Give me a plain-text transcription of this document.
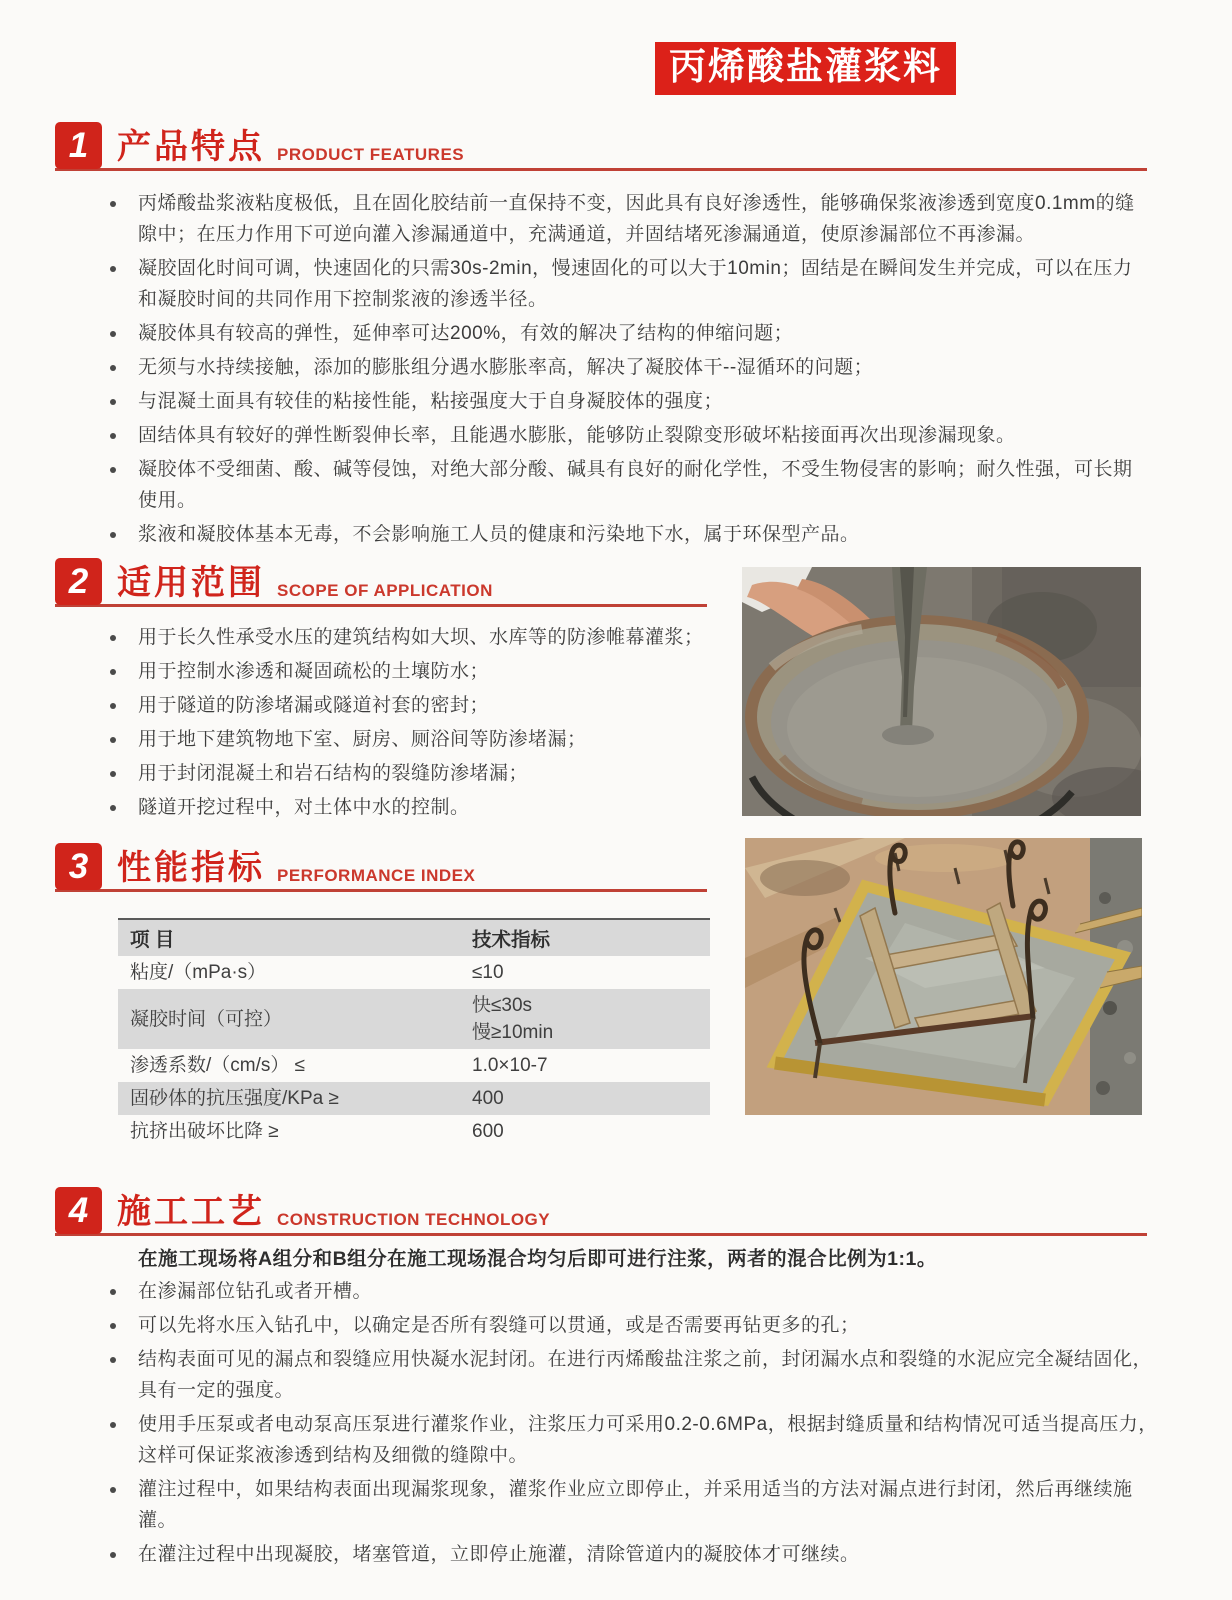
丙烯酸盐灌浆料
1 产品特点 PRODUCT FEATURES
丙烯酸盐浆液粘度极低，且在固化胶结前一直保持不变，因此具有良好渗透性，能够确保浆液渗透到宽度0.1mm的缝隙中；在压力作用下可逆向灌入渗漏通道中，充满通道，并固结堵死渗漏通道，使原渗漏部位不再渗漏。
凝胶固化时间可调，快速固化的只需30s-2min，慢速固化的可以大于10min；固结是在瞬间发生并完成，可以在压力和凝胶时间的共同作用下控制浆液的渗透半径。
凝胶体具有较高的弹性，延伸率可达200%，有效的解决了结构的伸缩问题；
无须与水持续接触，添加的膨胀组分遇水膨胀率高，解决了凝胶体干--湿循环的问题；
与混凝土面具有较佳的粘接性能，粘接强度大于自身凝胶体的强度；
固结体具有较好的弹性断裂伸长率，且能遇水膨胀，能够防止裂隙变形破坏粘接面再次出现渗漏现象。
凝胶体不受细菌、酸、碱等侵蚀，对绝大部分酸、碱具有良好的耐化学性，不受生物侵害的影响；耐久性强，可长期使用。
浆液和凝胶体基本无毒，不会影响施工人员的健康和污染地下水，属于环保型产品。
2 适用范围 SCOPE OF APPLICATION
用于长久性承受水压的建筑结构如大坝、水库等的防渗帷幕灌浆；
用于控制水渗透和凝固疏松的土壤防水；
用于隧道的防渗堵漏或隧道衬套的密封；
用于地下建筑物地下室、厨房、厕浴间等防渗堵漏；
用于封闭混凝土和岩石结构的裂缝防渗堵漏；
隧道开挖过程中，对土体中水的控制。
3 性能指标 PERFORMANCE INDEX
项 目	技术指标
粘度/（mPa·s）	≤10
凝胶时间（可控）	快≤30s
慢≥10min

渗透系数/（cm/s） ≤	1.0×10-7
固砂体的抗压强度/KPa ≥	400
抗挤出破坏比降 ≥	600
4 施工工艺 CONSTRUCTION TECHNOLOGY
在施工现场将A组分和B组分在施工现场混合均匀后即可进行注浆，两者的混合比例为1:1。
在渗漏部位钻孔或者开槽。
可以先将水压入钻孔中，以确定是否所有裂缝可以贯通，或是否需要再钻更多的孔；
结构表面可见的漏点和裂缝应用快凝水泥封闭。在进行丙烯酸盐注浆之前，封闭漏水点和裂缝的水泥应完全凝结固化，具有一定的强度。
使用手压泵或者电动泵高压泵进行灌浆作业，注浆压力可采用0.2-0.6MPa，根据封缝质量和结构情况可适当提高压力，这样可保证浆液渗透到结构及细微的缝隙中。
灌注过程中，如果结构表面出现漏浆现象，灌浆作业应立即停止，并采用适当的方法对漏点进行封闭，然后再继续施灌。
在灌注过程中出现凝胶，堵塞管道，立即停止施灌，清除管道内的凝胶体才可继续。
